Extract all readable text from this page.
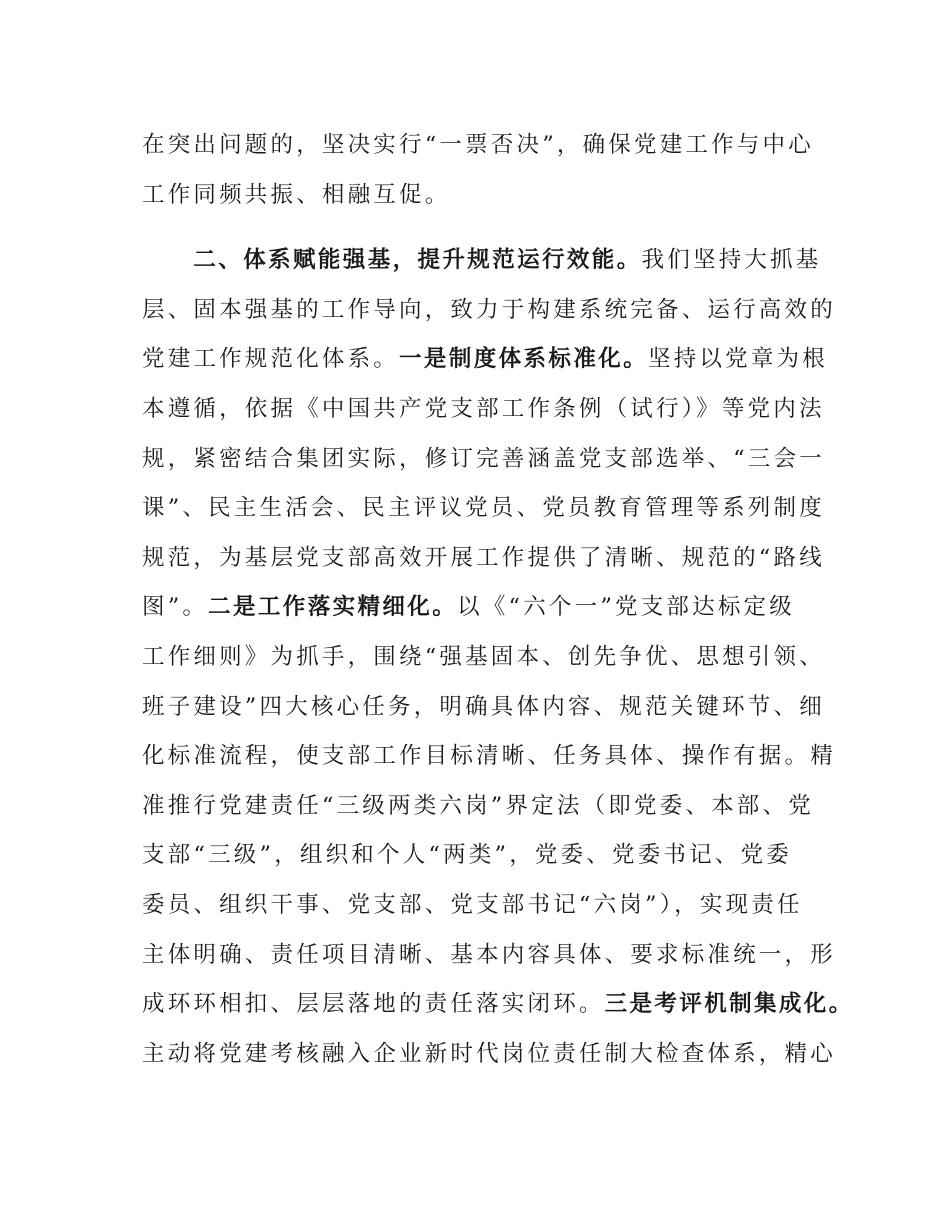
在突出问题的，坚决实行“一票否决”，确保党建工作与中心
工作同频共振、相融互促。
　　二、体系赋能强基，提升规范运行效能。我们坚持大抓基
层、固本强基的工作导向，致力于构建系统完备、运行高效的
党建工作规范化体系。一是制度体系标准化。坚持以党章为根
本遵循，依据《中国共产党支部工作条例（试行）》等党内法
规，紧密结合集团实际，修订完善涵盖党支部选举、“三会一
课”、民主生活会、民主评议党员、党员教育管理等系列制度
规范，为基层党支部高效开展工作提供了清晰、规范的“路线
图”。二是工作落实精细化。以《“六个一”党支部达标定级
工作细则》为抓手，围绕“强基固本、创先争优、思想引领、
班子建设”四大核心任务，明确具体内容、规范关键环节、细
化标准流程，使支部工作目标清晰、任务具体、操作有据。精
准推行党建责任“三级两类六岗”界定法（即党委、本部、党
支部“三级”，组织和个人“两类”，党委、党委书记、党委
委员、组织干事、党支部、党支部书记“六岗”），实现责任
主体明确、责任项目清晰、基本内容具体、要求标准统一，形
成环环相扣、层层落地的责任落实闭环。三是考评机制集成化。
主动将党建考核融入企业新时代岗位责任制大检查体系，精心
